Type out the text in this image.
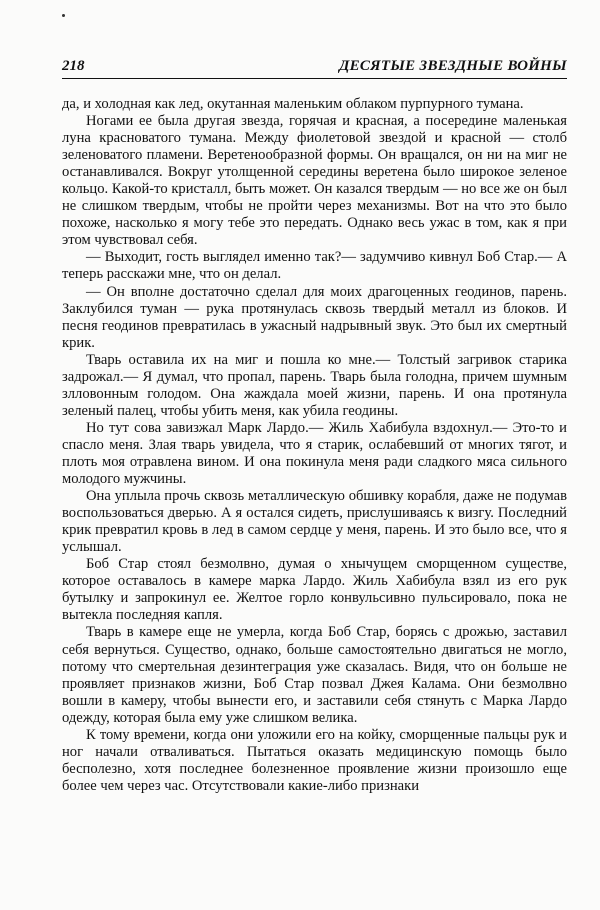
218	ДЕСЯТЫЕ ЗВЕЗДНЫЕ ВОЙНЫ

да, и холодная как лед, окутанная маленьким облаком пурпурного тумана.

Ногами ее была другая звезда, горячая и красная, а посередине маленькая луна красноватого тумана. Между фиолетовой звездой и красной — столб зеленоватого пламени. Веретенообразной формы. Он вращался, он ни на миг не останавливался. Вокруг утолщенной середины веретена было широкое зеленое кольцо. Какой-то кристалл, быть может. Он казался твердым — но все же он был не слишком твердым, чтобы не пройти через механизмы. Вот на что это было похоже, насколько я могу тебе это передать. Однако весь ужас в том, как я при этом чувствовал себя.

— Выходит, гость выглядел именно так?— задумчиво кивнул Боб Стар.— А теперь расскажи мне, что он делал.

— Он вполне достаточно сделал для моих драгоценных геодинов, парень. Заклубился туман — рука протянулась сквозь твердый металл из блоков. И песня геодинов превратилась в ужасный надрывный звук. Это был их смертный крик.

Тварь оставила их на миг и пошла ко мне.— Толстый загривок старика задрожал.— Я думал, что пропал, парень. Тварь была голодна, причем шумным злловонным голодом. Она жаждала моей жизни, парень. И она протянула зеленый палец, чтобы убить меня, как убила геодины.

Но тут сова завизжал Марк Лардо.— Жиль Хабибула вздохнул.— Это-то и спасло меня. Злая тварь увидела, что я старик, ослабевший от многих тягот, и плоть моя отравлена вином. И она покинула меня ради сладкого мяса сильного молодого мужчины.

Она уплыла прочь сквозь металлическую обшивку корабля, даже не подумав воспользоваться дверью. А я остался сидеть, прислушиваясь к визгу. Последний крик превратил кровь в лед в самом сердце у меня, парень. И это было все, что я услышал.

Боб Стар стоял безмолвно, думая о хнычущем сморщенном существе, которое оставалось в камере марка Лардо. Жиль Хабибула взял из его рук бутылку и запрокинул ее. Желтое горло конвульсивно пульсировало, пока не вытекла последняя капля.

Тварь в камере еще не умерла, когда Боб Стар, борясь с дрожью, заставил себя вернуться. Существо, однако, больше самостоятельно двигаться не могло, потому что смертельная дезинтеграция уже сказалась. Видя, что он больше не проявляет признаков жизни, Боб Стар позвал Джея Калама. Они безмолвно вошли в камеру, чтобы вынести его, и заставили себя стянуть с Марка Лардо одежду, которая была ему уже слишком велика.

К тому времени, когда они уложили его на койку, сморщенные пальцы рук и ног начали отваливаться. Пытаться оказать медицинскую помощь было бесполезно, хотя последнее болезненное проявление жизни произошло еще более чем через час. Отсутствовали какие-либо признаки
